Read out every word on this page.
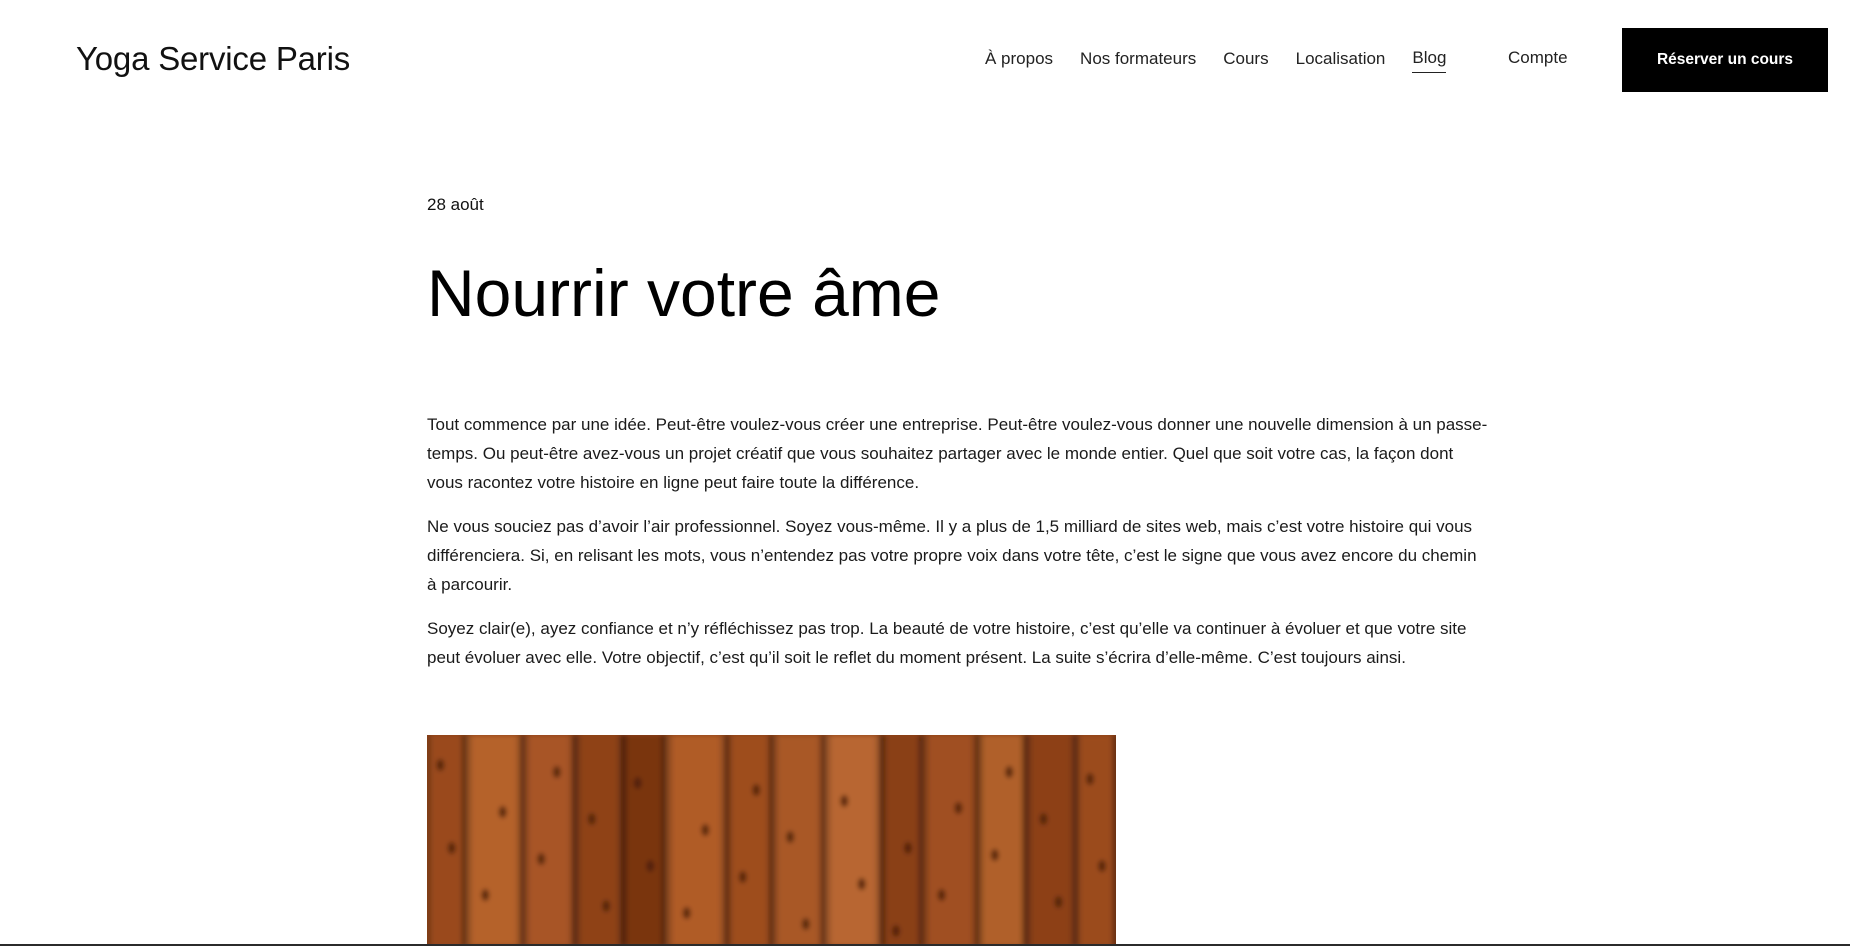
Yoga Service Paris	À propos Nos formateurs Cours Localisation Blog	Compte	Réserver un cours
28 août
Nourrir votre âme

Tout commence par une idée. Peut-être voulez-vous créer une entreprise. Peut-être voulez-vous donner une nouvelle dimension à un passe-temps. Ou peut-être avez-vous un projet créatif que vous souhaitez partager avec le monde entier. Quel que soit votre cas, la façon dont vous racontez votre histoire en ligne peut faire toute la différence.

Ne vous souciez pas d’avoir l’air professionnel. Soyez vous-même. Il y a plus de 1,5 milliard de sites web, mais c’est votre histoire qui vous différenciera. Si, en relisant les mots, vous n’entendez pas votre propre voix dans votre tête, c’est le signe que vous avez encore du chemin à parcourir.

Soyez clair(e), ayez confiance et n’y réfléchissez pas trop. La beauté de votre histoire, c’est qu’elle va continuer à évoluer et que votre site peut évoluer avec elle. Votre objectif, c’est qu’il soit le reflet du moment présent. La suite s’écrira d’elle-même. C’est toujours ainsi.
